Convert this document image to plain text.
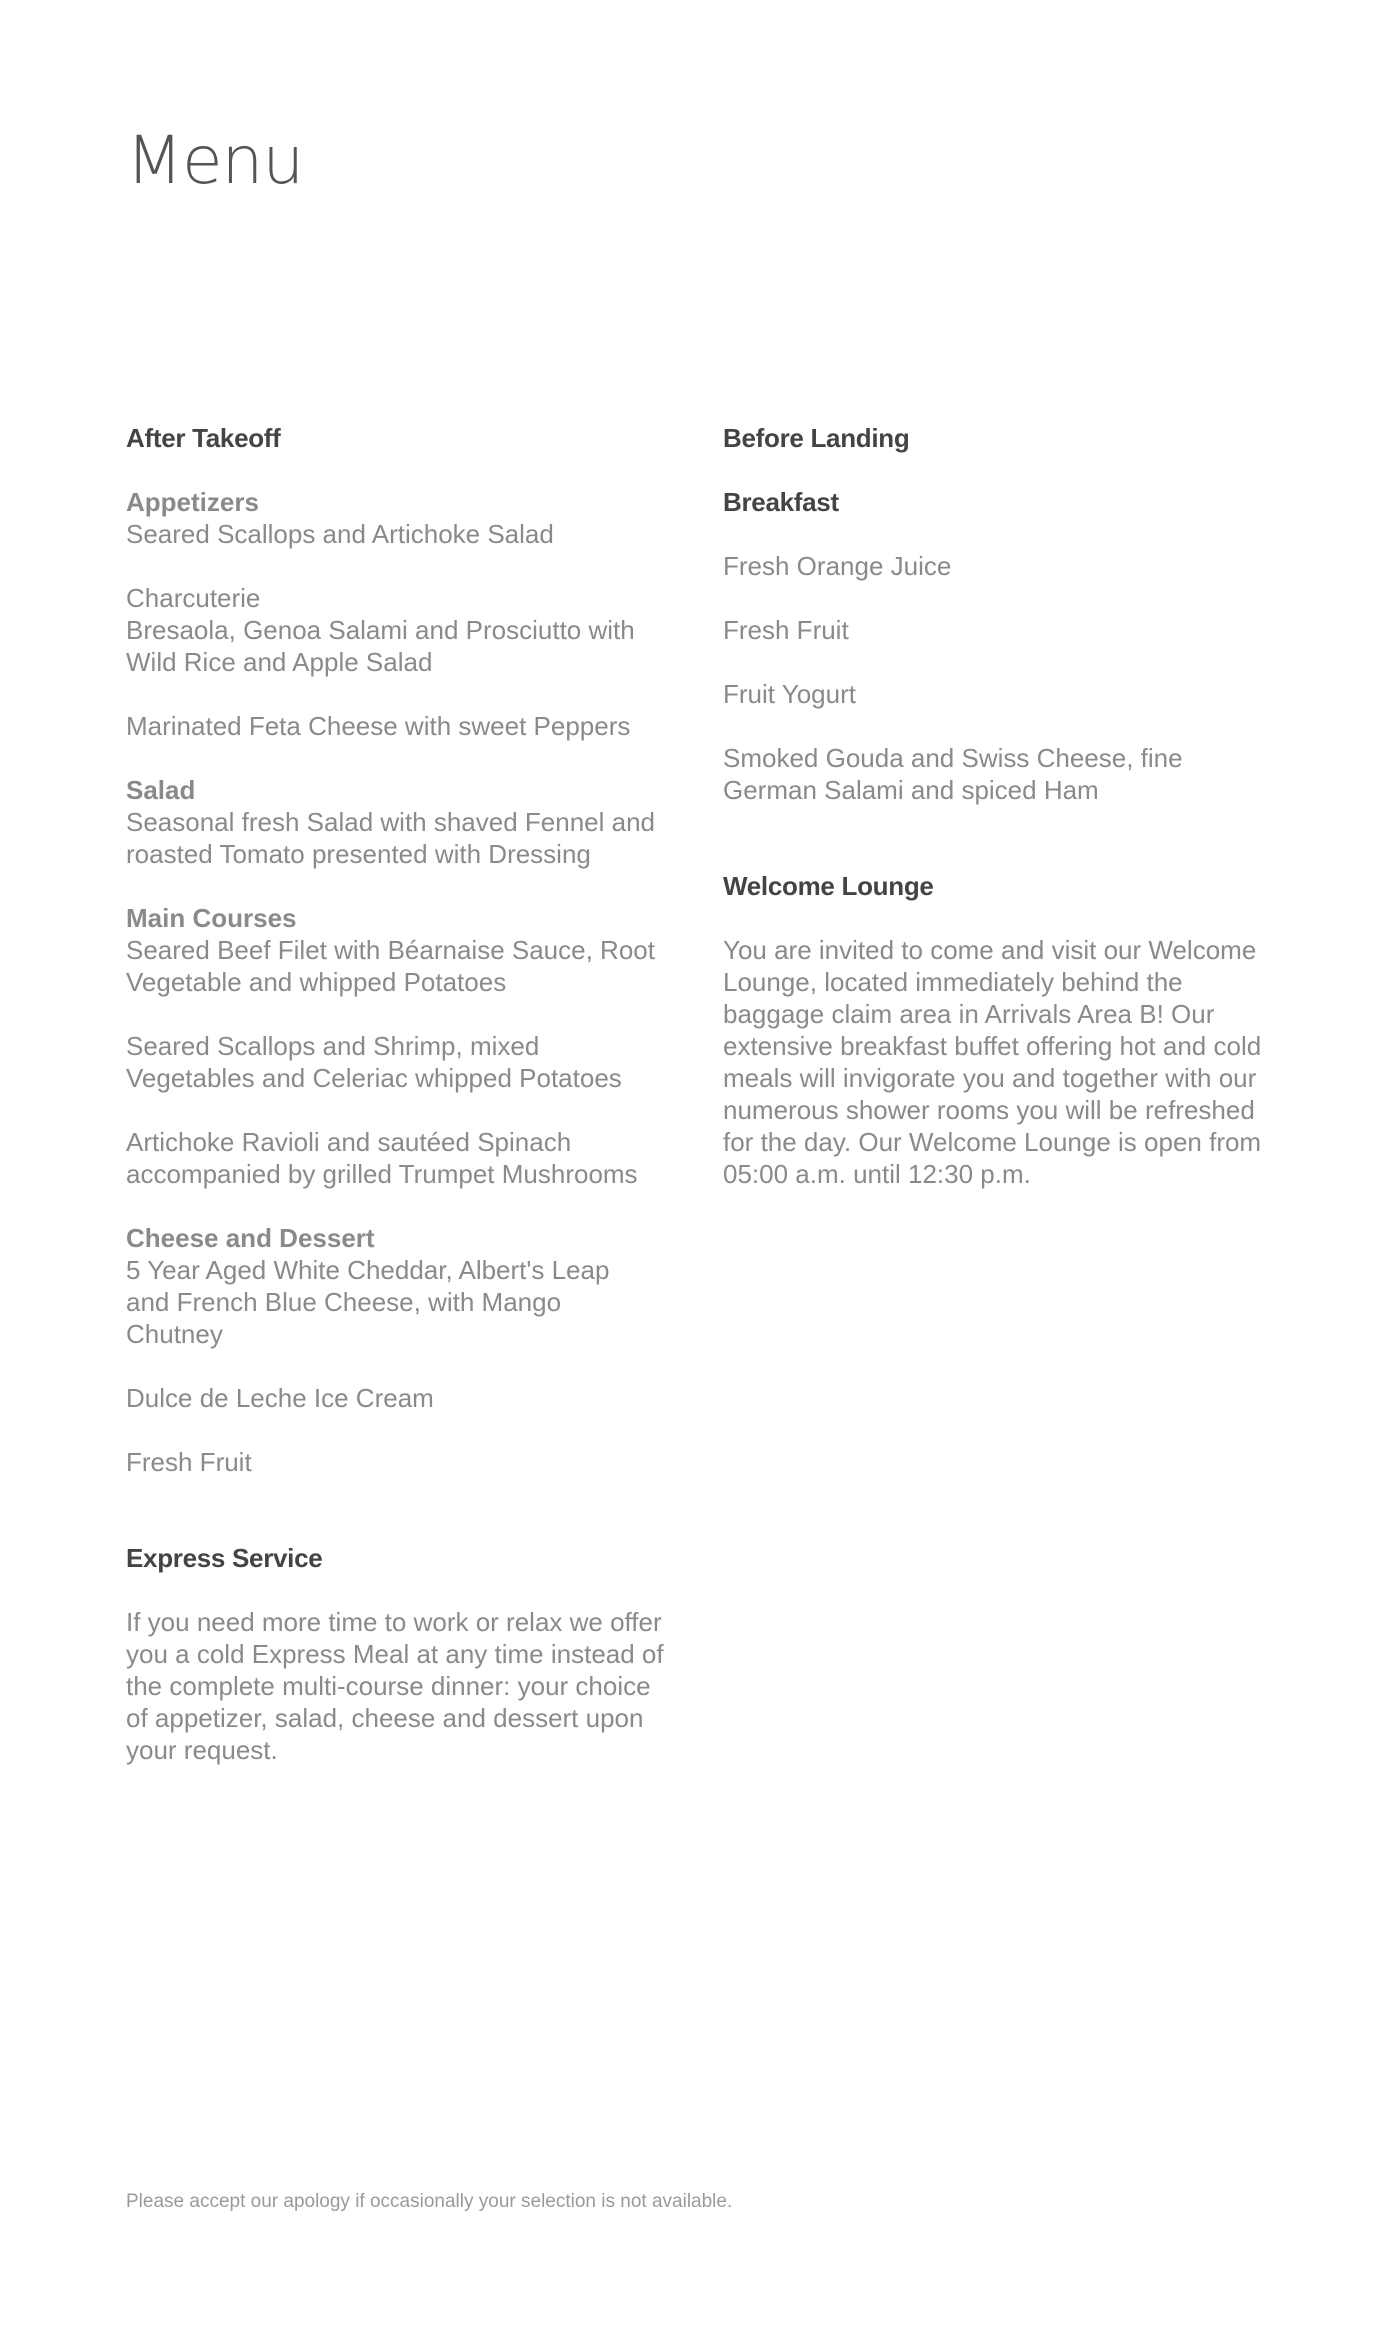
Menu

After Takeoff

Appetizers

Seared Scallops and Artichoke Salad

Charcuterie

Bresaola, Genoa Salami and Prosciutto with Wild Rice and Apple Salad

Marinated Feta Cheese with sweet Peppers

Salad

Seasonal fresh Salad with shaved Fennel and roasted Tomato presented with Dressing

Main Courses

Seared Beef Filet with Béarnaise Sauce, Root Vegetable and whipped Potatoes

Seared Scallops and Shrimp, mixed Vegetables and Celeriac whipped Potatoes

Artichoke Ravioli and sautéed Spinach accompanied by grilled Trumpet Mushrooms

Cheese and Dessert

5 Year Aged White Cheddar, Albert's Leap and French Blue Cheese, with Mango Chutney

Dulce de Leche Ice Cream

Fresh Fruit

Express Service

If you need more time to work or relax we offer you a cold Express Meal at any time instead of the complete multi-course dinner: your choice of appetizer, salad, cheese and dessert upon your request.

Before Landing

Breakfast

Fresh Orange Juice

Fresh Fruit

Fruit Yogurt

Smoked Gouda and Swiss Cheese, fine German Salami and spiced Ham

Welcome Lounge

You are invited to come and visit our Welcome Lounge, located immediately behind the baggage claim area in Arrivals Area B! Our extensive breakfast buffet offering hot and cold meals will invigorate you and together with our numerous shower rooms you will be refreshed for the day. Our Welcome Lounge is open from 05:00 a.m. until 12:30 p.m.

Please accept our apology if occasionally your selection is not available.
